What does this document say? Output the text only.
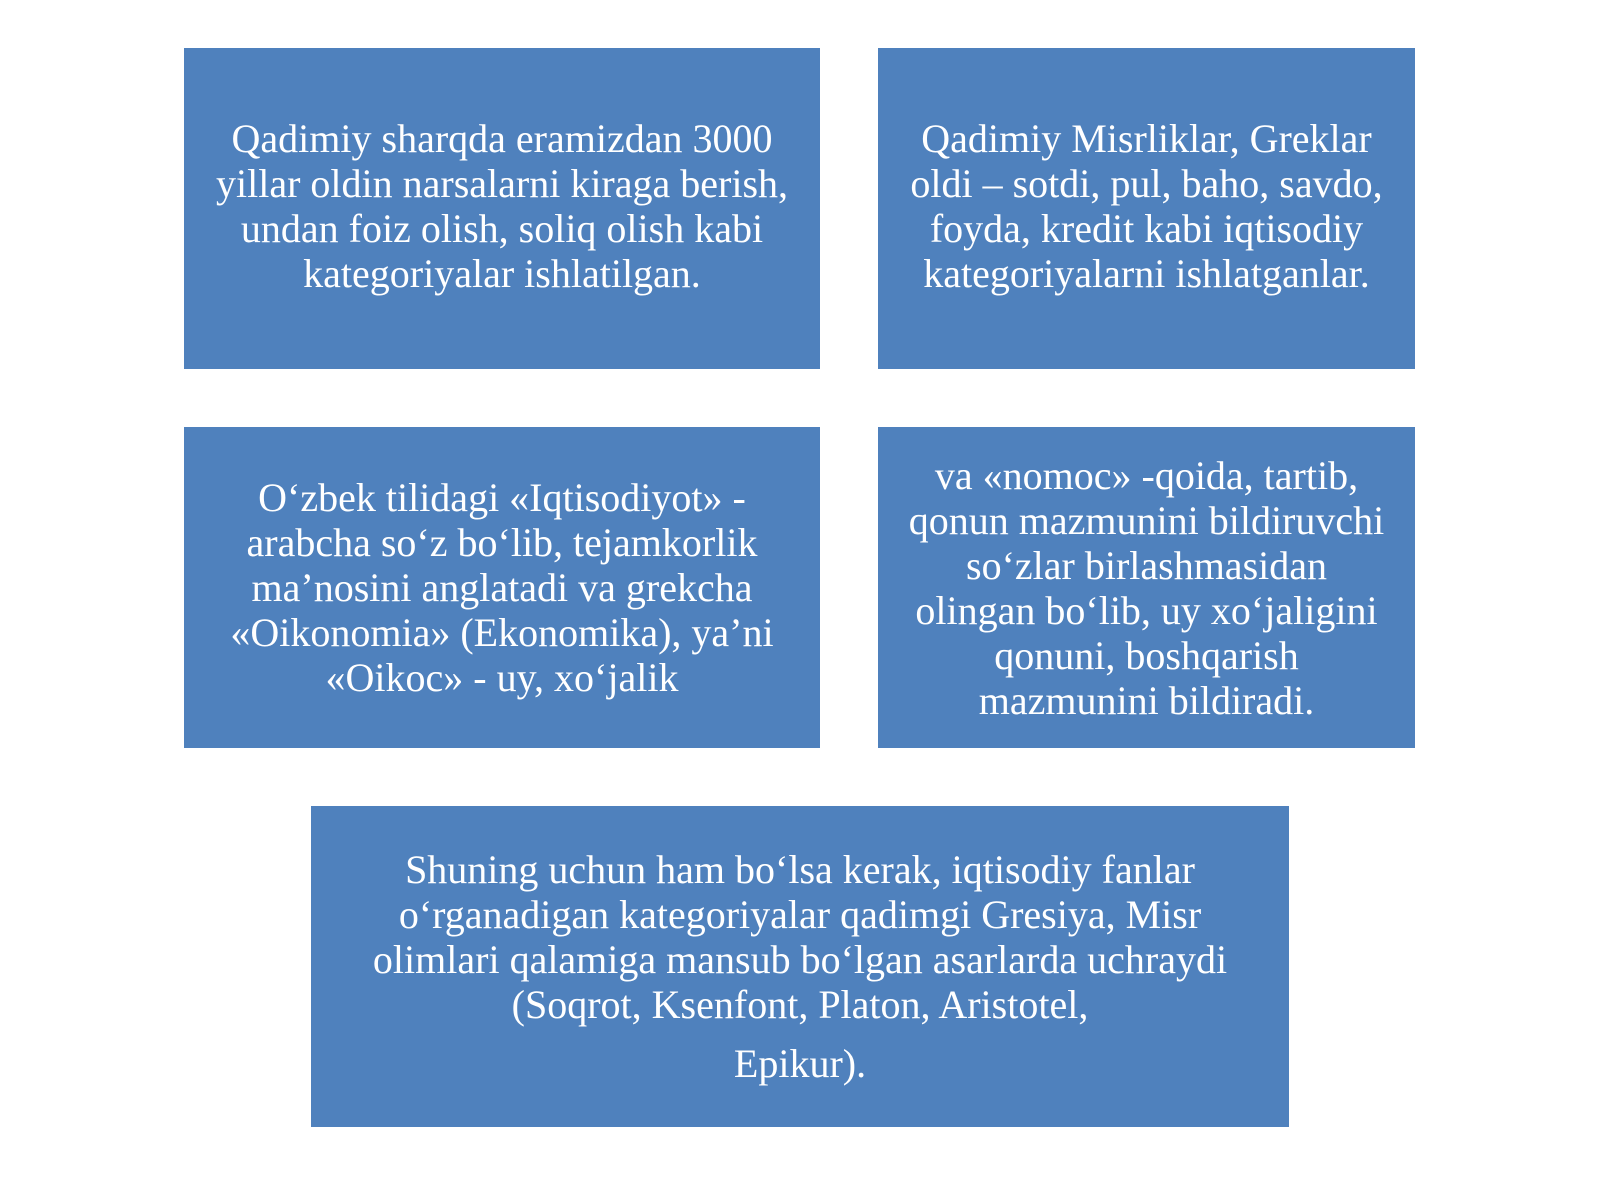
Qadimiy sharqda eramizdan 3000
yillar oldin narsalarni kiraga berish,
undan foiz olish, soliq olish kabi
kategoriyalar ishlatilgan.

Qadimiy Misrliklar, Greklar
oldi – sotdi, pul, baho, savdo,
foyda, kredit kabi iqtisodiy
kategoriyalarni ishlatganlar.

O‘zbek tilidagi «Iqtisodiyot» -
arabcha so‘z bo‘lib, tejamkorlik
ma’nosini anglatadi va grekcha
«Oikonomia» (Ekonomika), ya’ni
«Oikoc» - uy, xo‘jalik

va «nomoc» -qoida, tartib,
qonun mazmunini bildiruvchi
so‘zlar birlashmasidan
olingan bo‘lib, uy xo‘jaligini
qonuni, boshqarish
mazmunini bildiradi.

Shuning uchun ham bo‘lsa kerak, iqtisodiy fanlar
o‘rganadigan kategoriyalar qadimgi Gresiya, Misr
olimlari qalamiga mansub bo‘lgan asarlarda uchraydi
(Soqrot, Ksenfont, Platon, Aristotel,

Epikur).
